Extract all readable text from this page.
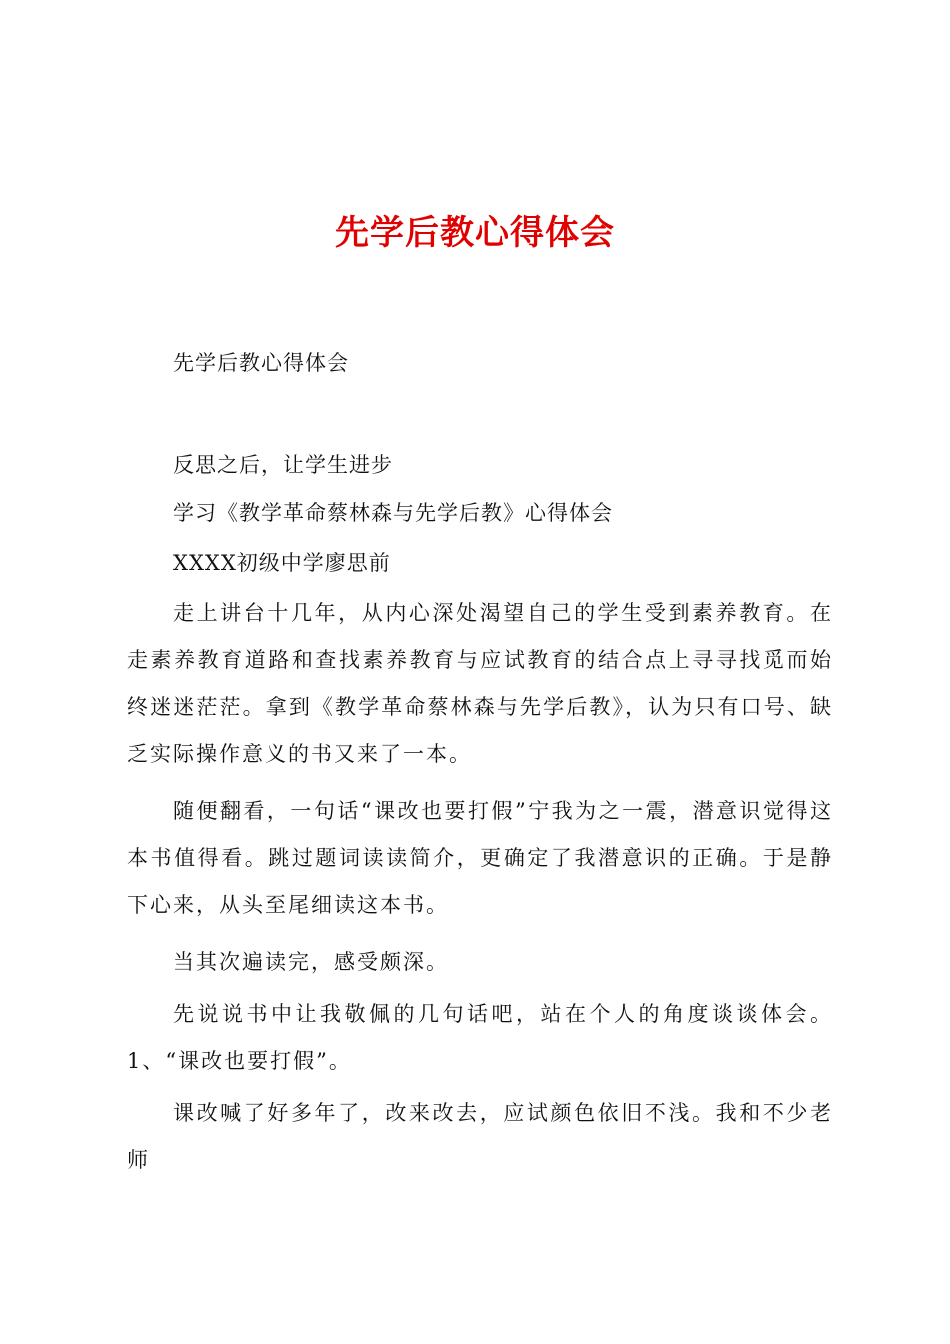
先学后教心得体会

先学后教心得体会

反思之后，让学生进步

学习《教学革命蔡林森与先学后教》心得体会

XXXX初级中学廖思前

走上讲台十几年，从内心深处渴望自己的学生受到素养教育。在走素养教育道路和查找素养教育与应试教育的结合点上寻寻找觅而始终迷迷茫茫。拿到《教学革命蔡林森与先学后教》，认为只有口号、缺乏实际操作意义的书又来了一本。

随便翻看，一句话“课改也要打假”宁我为之一震，潜意识觉得这本书值得看。跳过题词读读简介，更确定了我潜意识的正确。于是静下心来，从头至尾细读这本书。

当其次遍读完，感受颇深。

先说说书中让我敬佩的几句话吧，站在个人的角度谈谈体会。1、“课改也要打假”。

课改喊了好多年了，改来改去，应试颜色依旧不浅。我和不少老师
